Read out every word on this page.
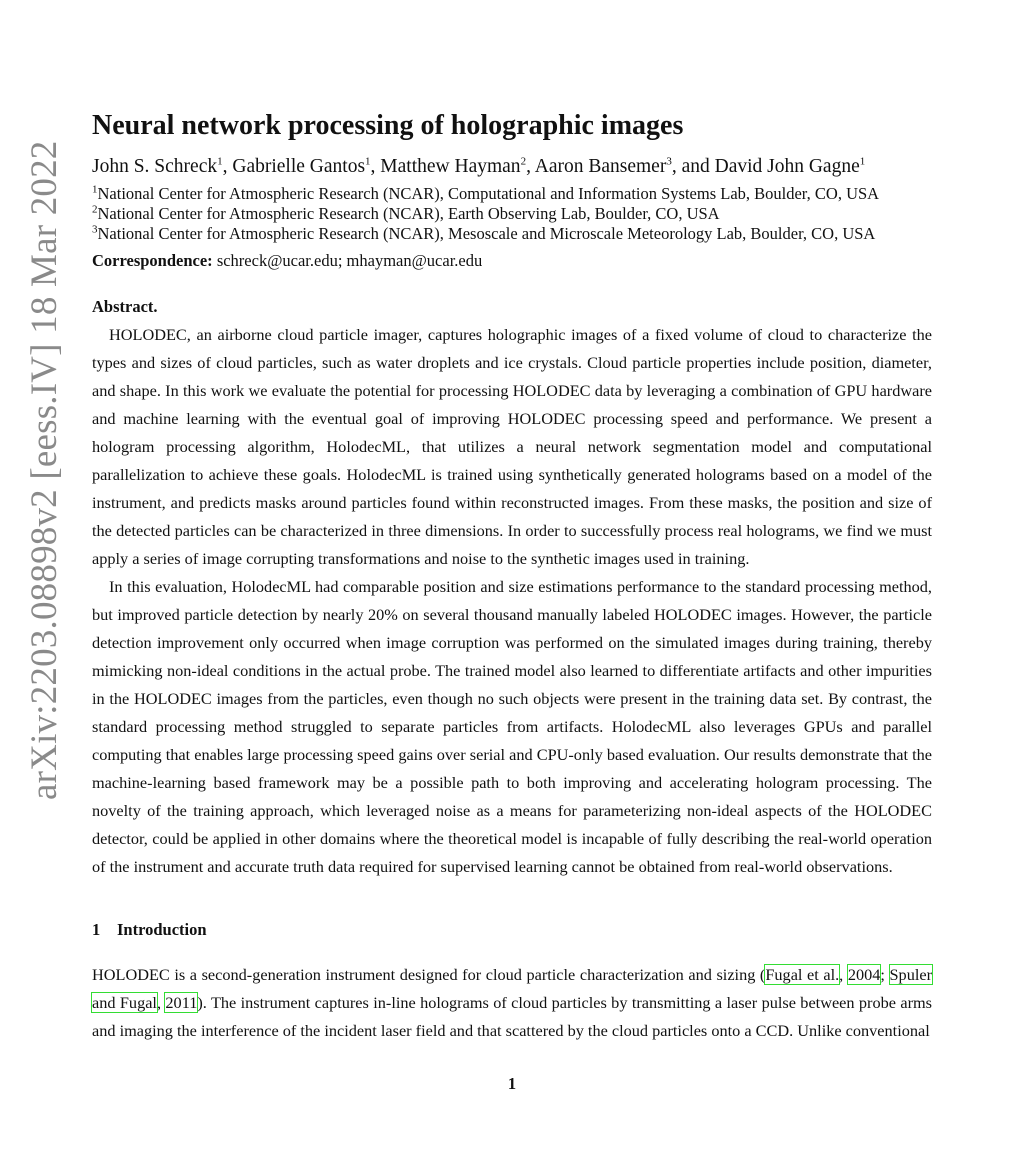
arXiv:2203.08898v2 [eess.IV] 18 Mar 2022
Neural network processing of holographic images
John S. Schreck$^1$, Gabrielle Gantos$^1$, Matthew Hayman$^2$, Aaron Bansemer$^3$, and David John Gagne$^1$
$^1$National Center for Atmospheric Research (NCAR), Computational and Information Systems Lab, Boulder, CO, USA
$^2$National Center for Atmospheric Research (NCAR), Earth Observing Lab, Boulder, CO, USA
$^3$National Center for Atmospheric Research (NCAR), Mesoscale and Microscale Meteorology Lab, Boulder, CO, USA
Correspondence: schreck@ucar.edu; mhayman@ucar.edu
Abstract.

HOLODEC, an airborne cloud particle imager, captures holographic images of a fixed volume of cloud to characterize the types and sizes of cloud particles, such as water droplets and ice crystals. Cloud particle properties include position, diameter, and shape. In this work we evaluate the potential for processing HOLODEC data by leveraging a combination of GPU hardware and machine learning with the eventual goal of improving HOLODEC processing speed and performance. We present a hologram processing algorithm, HolodecML, that utilizes a neural network segmentation model and computational parallelization to achieve these goals. HolodecML is trained using synthetically generated holograms based on a model of the instrument, and predicts masks around particles found within reconstructed images. From these masks, the position and size of the detected particles can be characterized in three dimensions. In order to successfully process real holograms, we find we must apply a series of image corrupting transformations and noise to the synthetic images used in training.

In this evaluation, HolodecML had comparable position and size estimations performance to the standard processing method, but improved particle detection by nearly 20% on several thousand manually labeled HOLODEC images. However, the particle detection improvement only occurred when image corruption was performed on the simulated images during training, thereby mimicking non-ideal conditions in the actual probe. The trained model also learned to differentiate artifacts and other impurities in the HOLODEC images from the particles, even though no such objects were present in the training data set. By contrast, the standard processing method struggled to separate particles from artifacts. HolodecML also leverages GPUs and parallel computing that enables large processing speed gains over serial and CPU-only based evaluation. Our results demonstrate that the machine-learning based framework may be a possible path to both improving and accelerating hologram processing. The novelty of the training approach, which leveraged noise as a means for parameterizing non-ideal aspects of the HOLODEC detector, could be applied in other domains where the theoretical model is incapable of fully describing the real-world operation of the instrument and accurate truth data required for supervised learning cannot be obtained from real-world observations.

1 Introduction

HOLODEC is a second-generation instrument designed for cloud particle characterization and sizing (Fugal et al., 2004; Spuler and Fugal, 2011). The instrument captures in-line holograms of cloud particles by transmitting a laser pulse between probe arms and imaging the interference of the incident laser field and that scattered by the cloud particles onto a CCD. Unlike conventional

1
